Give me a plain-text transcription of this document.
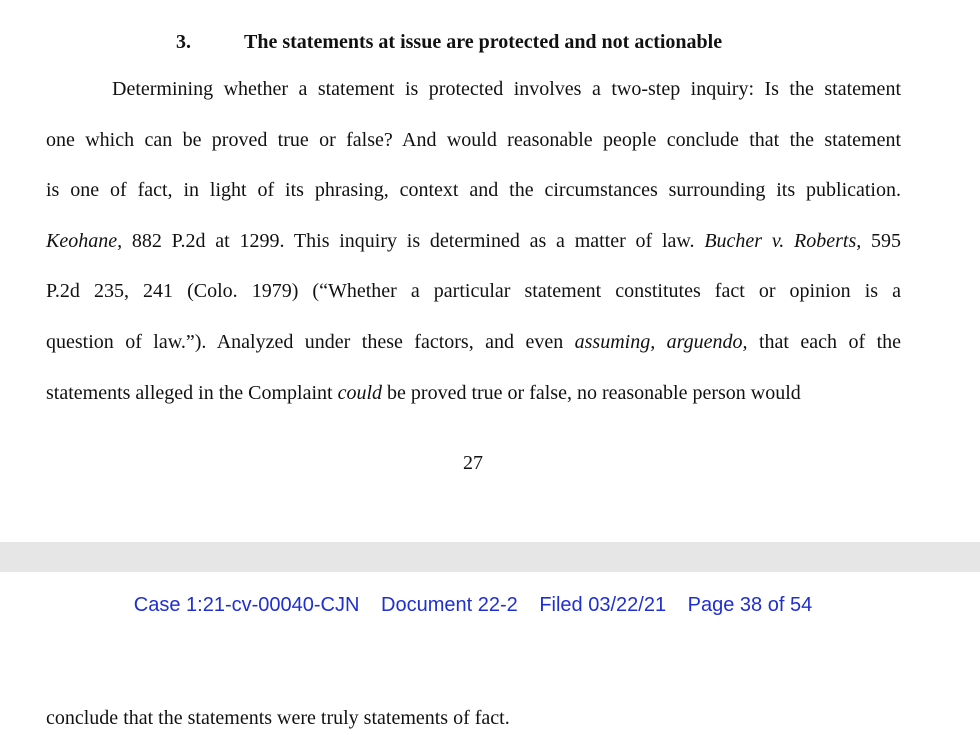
3.	The statements at issue are protected and not actionable
Determining whether a statement is protected involves a two-step inquiry: Is the statement
one which can be proved true or false? And would reasonable people conclude that the statement
is one of fact, in light of its phrasing, context and the circumstances surrounding its publication.
Keohane, 882 P.2d at 1299. This inquiry is determined as a matter of law. Bucher v. Roberts, 595
P.2d 235, 241 (Colo. 1979) (“Whether a particular statement constitutes fact or opinion is a
question of law.”). Analyzed under these factors, and even assuming, arguendo, that each of the
statements alleged in the Complaint could be proved true or false, no reasonable person would
27
Case 1:21-cv-00040-CJN Document 22-2 Filed 03/22/21 Page 38 of 54
conclude that the statements were truly statements of fact.
